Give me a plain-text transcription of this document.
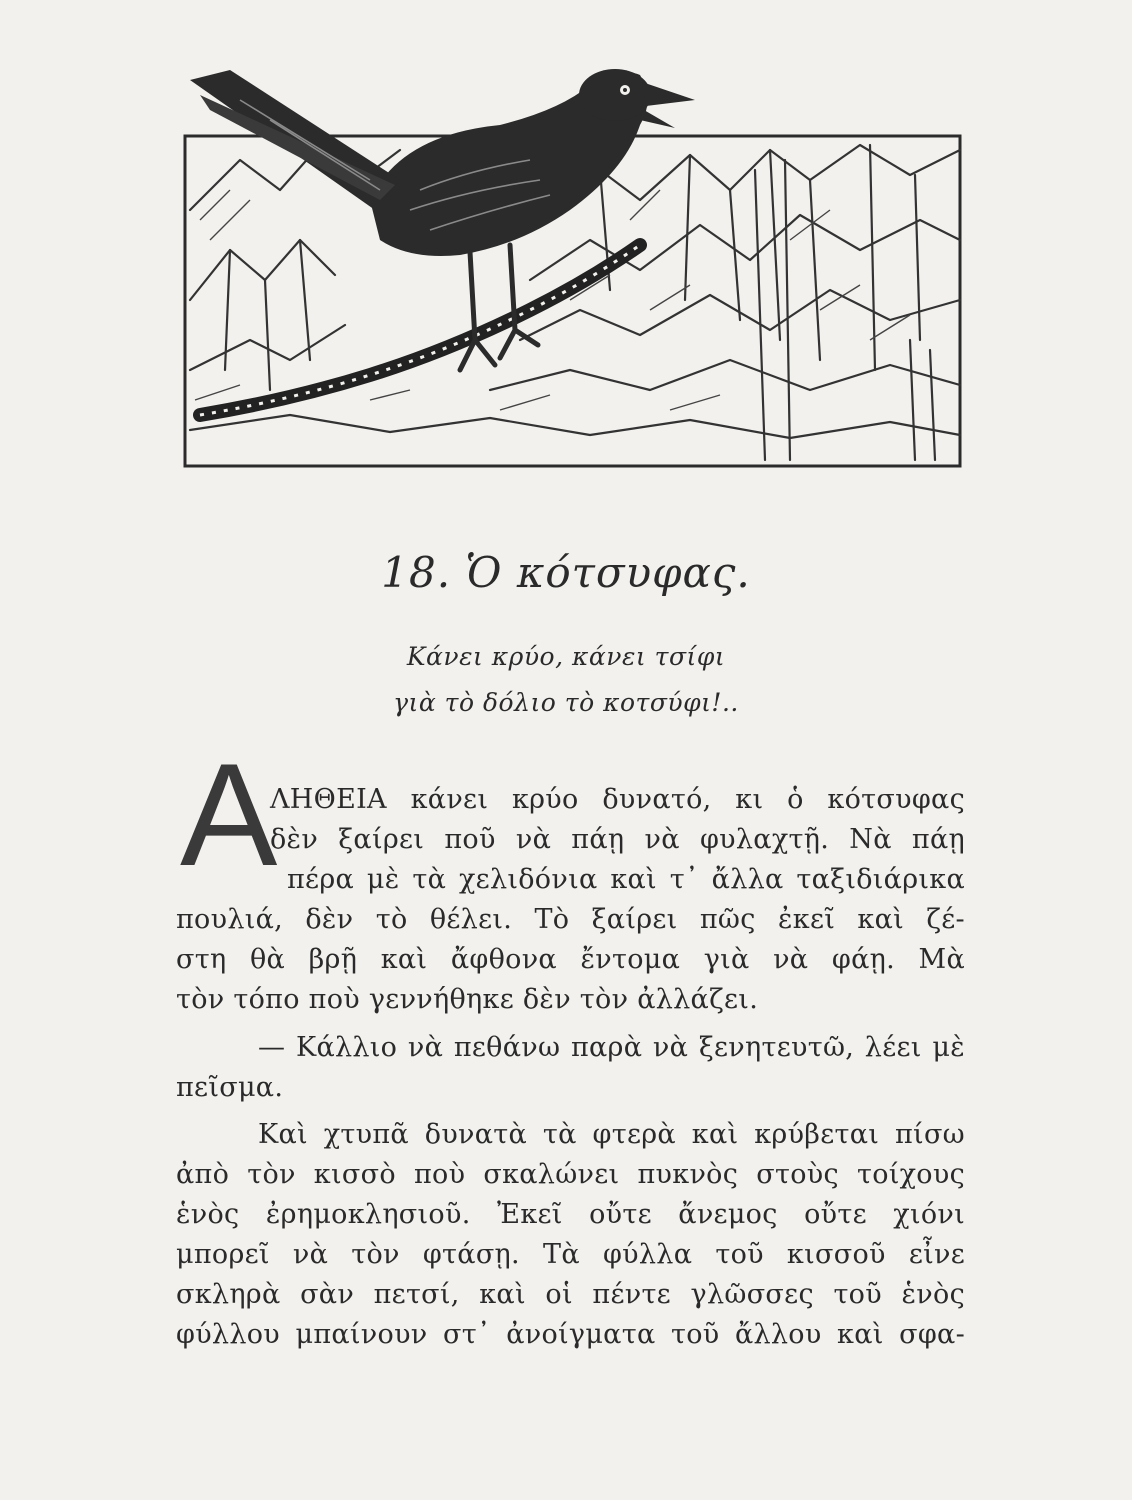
18. Ὁ κότσυφας.
Κάνει κρύο, κάνει τσίφι
γιὰ τὸ δόλιο τὸ κοτσύφι!..
A
ΛΗΘΕΙΑ κάνει κρύο δυνατό, κι ὁ κότσυφας
δὲν ξαίρει ποῦ νὰ πάῃ νὰ φυλαχτῇ. Νὰ πάῃ
πέρα μὲ τὰ χελιδόνια καὶ τ᾽ ἄλλα ταξιδιάρικα
πουλιά, δὲν τὸ θέλει. Τὸ ξαίρει πῶς ἐκεῖ καὶ ζέ-
στη θὰ βρῇ καὶ ἄφθονα ἔντομα γιὰ νὰ φάῃ. Μὰ
τὸν τόπο ποὺ γεννήθηκε δὲν τὸν ἀλλάζει.
— Κάλλιο νὰ πεθάνω παρὰ νὰ ξενητευτῶ, λέει μὲ
πεῖσμα.
Καὶ χτυπᾶ δυνατὰ τὰ φτερὰ καὶ κρύβεται πίσω
ἀπὸ τὸν κισσὸ ποὺ σκαλώνει πυκνὸς στοὺς τοίχους
ἑνὸς ἐρημοκλησιοῦ. Ἐκεῖ οὔτε ἄνεμος οὔτε χιόνι
μπορεῖ νὰ τὸν φτάσῃ. Τὰ φύλλα τοῦ κισσοῦ εἶνε
σκληρὰ σὰν πετσί, καὶ οἱ πέντε γλῶσσες τοῦ ἑνὸς
φύλλου μπαίνουν στ᾽ ἀνοίγματα τοῦ ἄλλου καὶ σφα-
